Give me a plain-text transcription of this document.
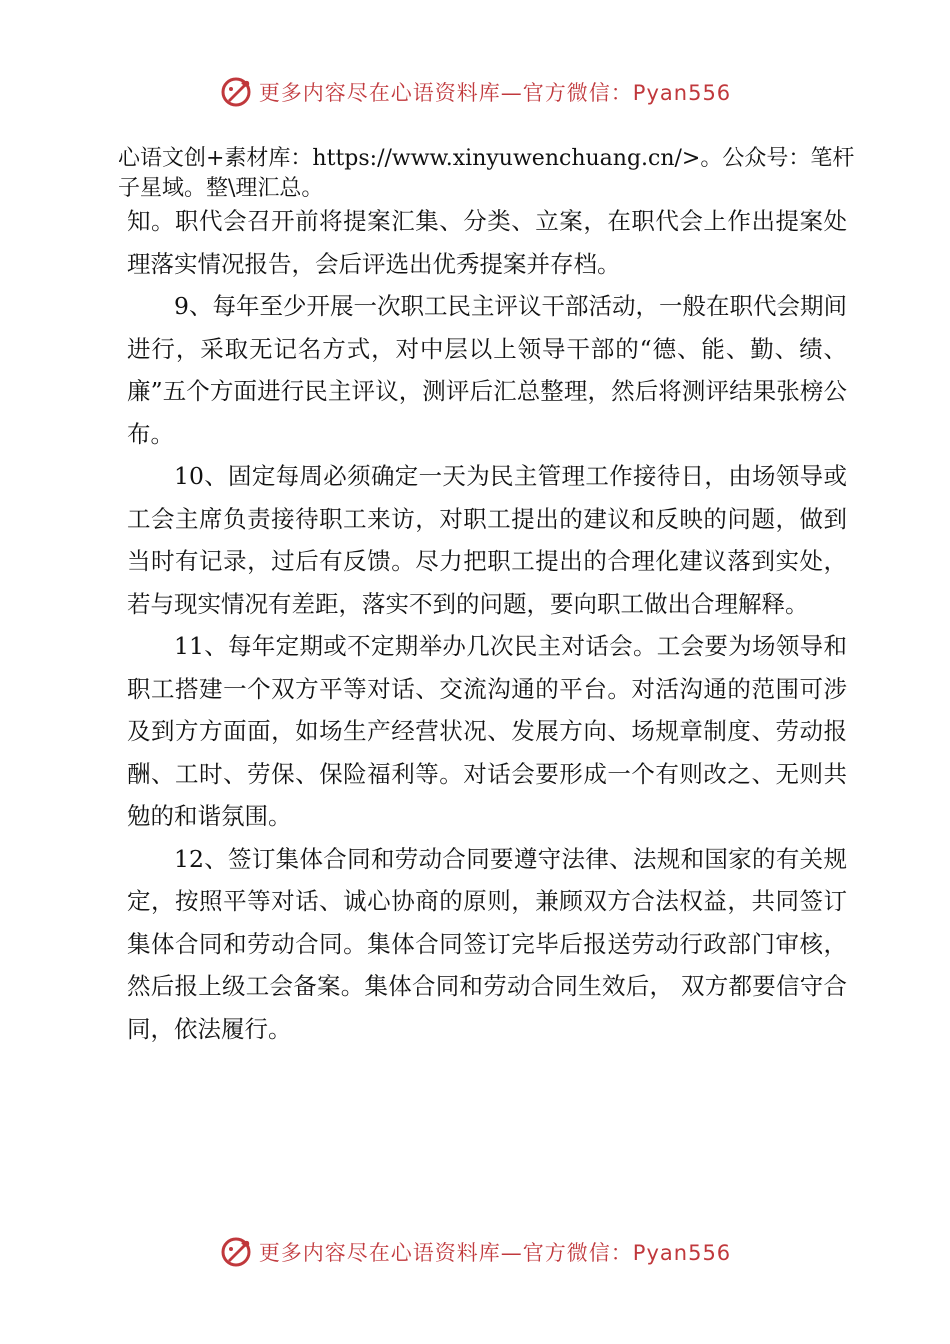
更多内容尽在心语资料库—官方微信：Pyan556
心语文创+素材库：https://www.xinyuwenchuang.cn/>。公众号：笔杆子星域。整\理汇总。

知。职代会召开前将提案汇集、分类、立案，在职代会上作出提案处理落实情况报告，会后评选出优秀提案并存档。

9、每年至少开展一次职工民主评议干部活动，一般在职代会期间进行，采取无记名方式，对中层以上领导干部的“德、能、勤、绩、廉”五个方面进行民主评议，测评后汇总整理，然后将测评结果张榜公布。

10、固定每周必须确定一天为民主管理工作接待日，由场领导或工会主席负责接待职工来访，对职工提出的建议和反映的问题，做到当时有记录，过后有反馈。尽力把职工提出的合理化建议落到实处，若与现实情况有差距，落实不到的问题，要向职工做出合理解释。

11、每年定期或不定期举办几次民主对话会。工会要为场领导和职工搭建一个双方平等对话、交流沟通的平台。对活沟通的范围可涉及到方方面面，如场生产经营状况、发展方向、场规章制度、劳动报酬、工时、劳保、保险福利等。对话会要形成一个有则改之、无则共勉的和谐氛围。

12、签订集体合同和劳动合同要遵守法律、法规和国家的有关规定，按照平等对话、诚心协商的原则，兼顾双方合法权益，共同签订集体合同和劳动合同。集体合同签订完毕后报送劳动行政部门审核，然后报上级工会备案。集体合同和劳动合同生效后， 双方都要信守合同，依法履行。

更多内容尽在心语资料库—官方微信：Pyan556
